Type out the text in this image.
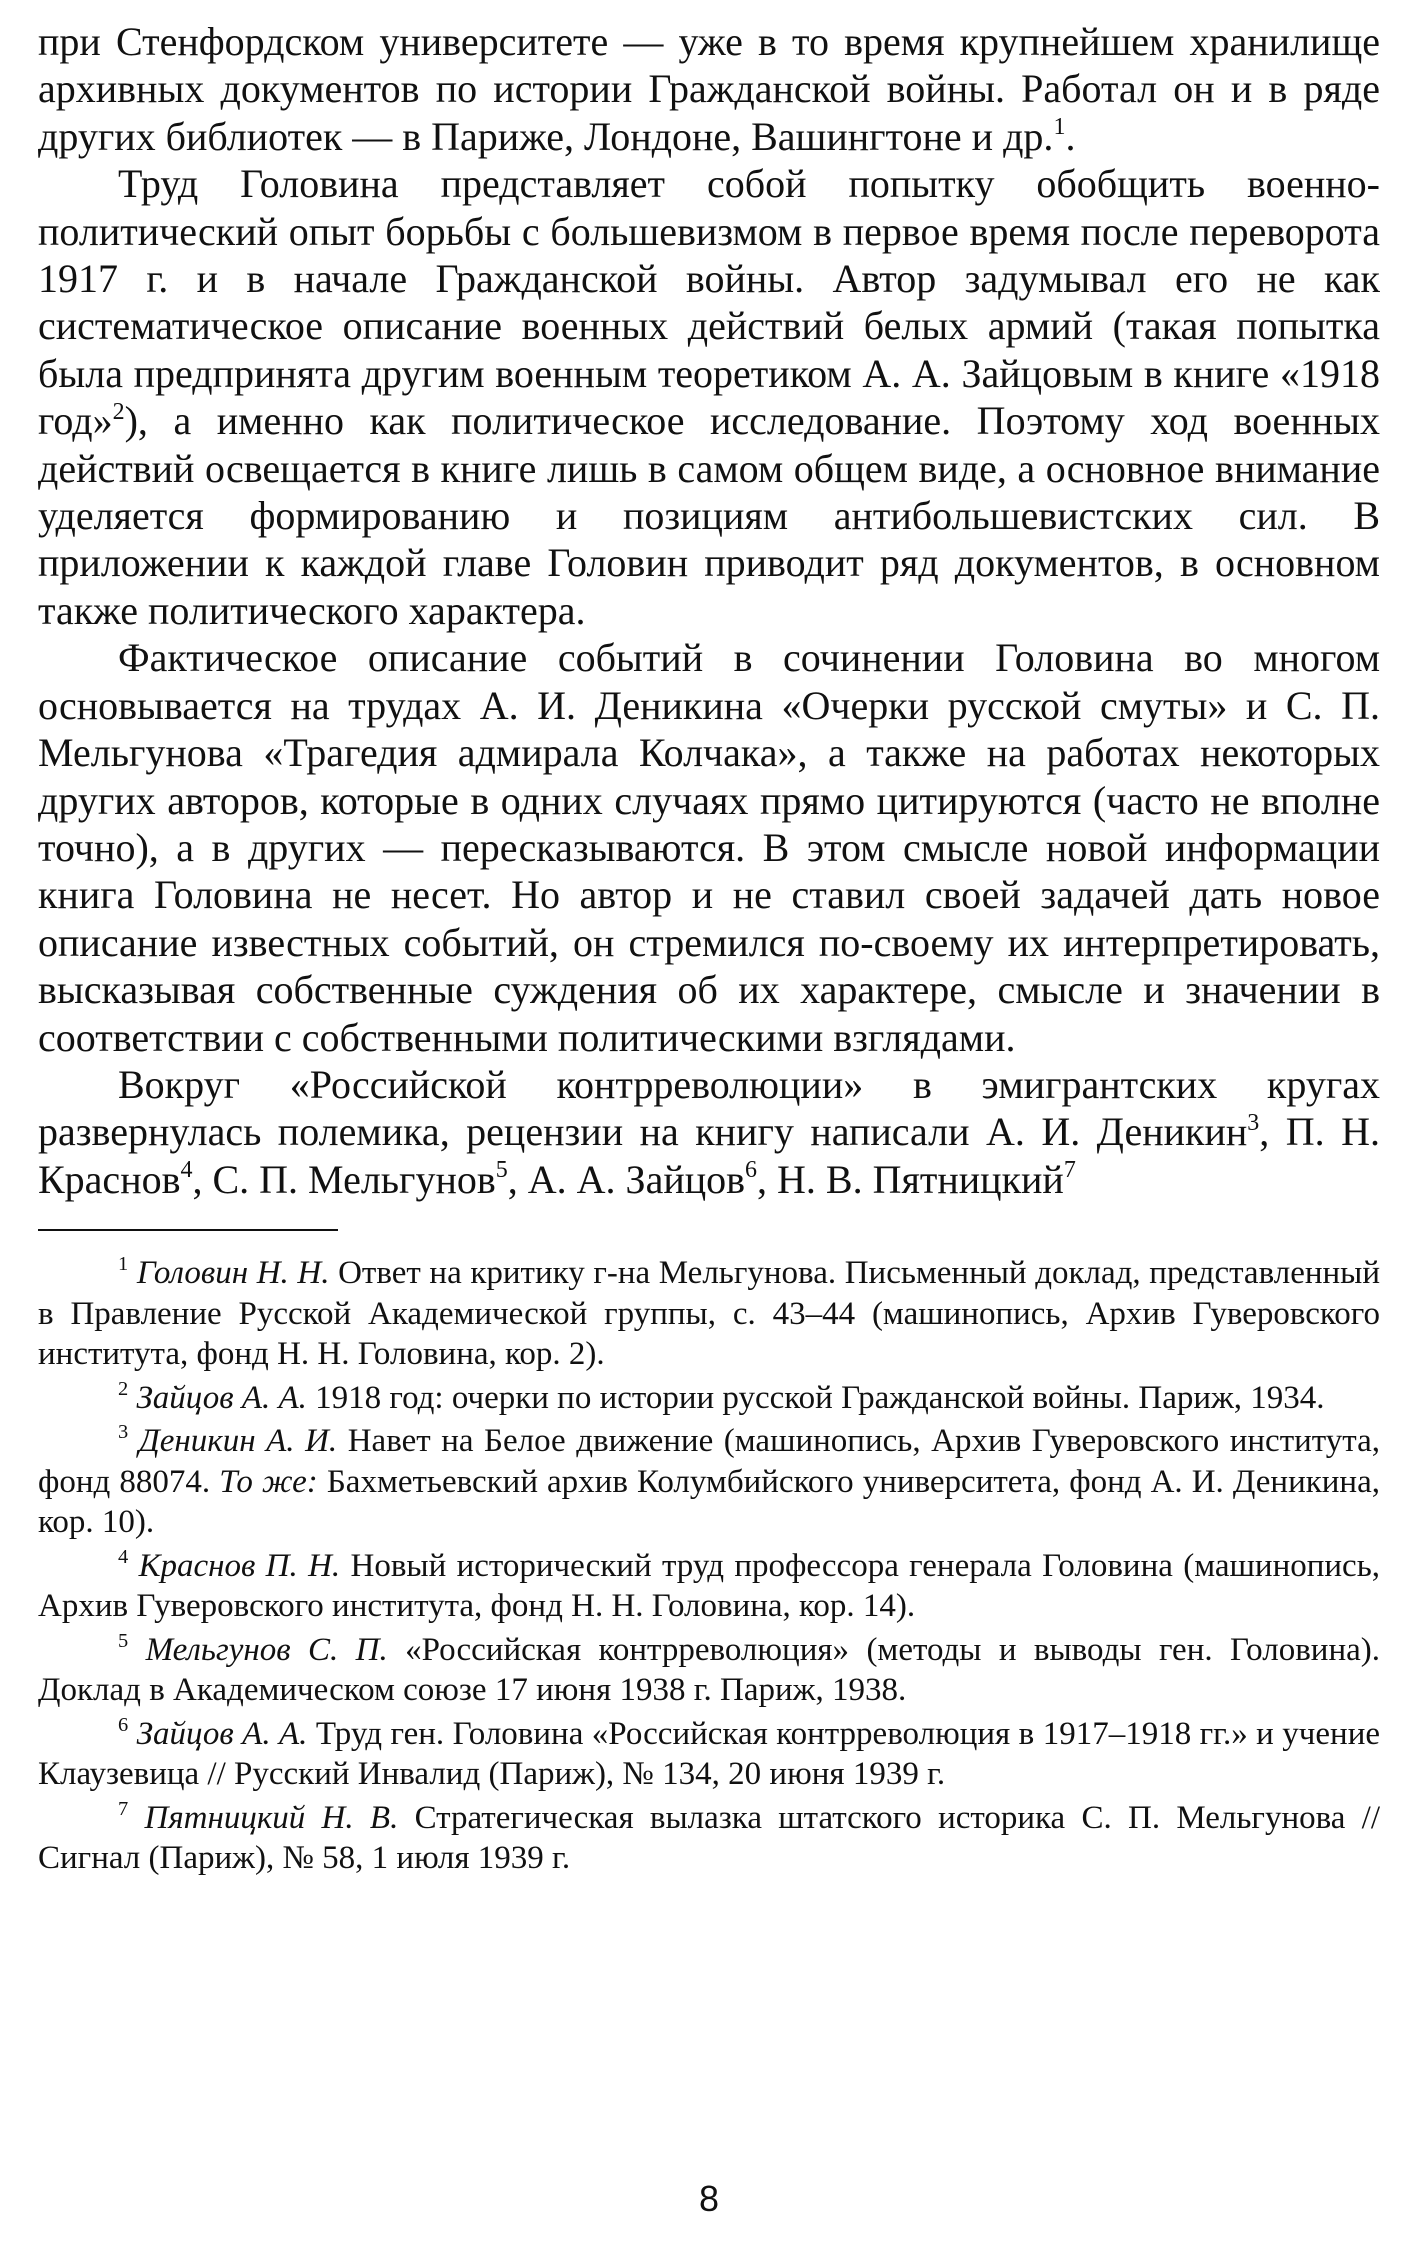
при Стенфордском университете — уже в то время крупнейшем хранилище архивных документов по истории Гражданской войны. Работал он и в ряде других библиотек — в Париже, Лондоне, Вашингтоне и др.$^1$.

Труд Головина представляет собой попытку обобщить военно-политический опыт борьбы с большевизмом в первое время после переворота 1917 г. и в начале Гражданской войны. Автор задумывал его не как систематическое описание военных действий белых армий (такая попытка была предпринята другим военным теоретиком А. А. Зайцовым в книге «1918 год»$^2$), а именно как политическое исследование. Поэтому ход военных действий освещается в книге лишь в самом общем виде, а основное внимание уделяется формированию и позициям антибольшевистских сил. В приложении к каждой главе Головин приводит ряд документов, в основном также политического характера.

Фактическое описание событий в сочинении Головина во многом основывается на трудах А. И. Деникина «Очерки русской смуты» и С. П. Мельгунова «Трагедия адмирала Колчака», а также на работах некоторых других авторов, которые в одних случаях прямо цитируются (часто не вполне точно), а в других — пересказываются. В этом смысле новой информации книга Головина не несет. Но автор и не ставил своей задачей дать новое описание известных событий, он стремился по-своему их интерпретировать, высказывая собственные суждения об их характере, смысле и значении в соответствии с собственными политическими взглядами.

Вокруг «Российской контрреволюции» в эмигрантских кругах развернулась полемика, рецензии на книгу написали А. И. Деникин$^3$, П. Н. Краснов$^4$, С. П. Мельгунов$^5$, А. А. Зайцов$^6$, Н. В. Пятницкий$^7$

$^1$ Головин Н. Н. Ответ на критику г-на Мельгунова. Письменный доклад, представленный в Правление Русской Академической группы, с. 43–44 (машинопись, Архив Гуверовского института, фонд Н. Н. Головина, кор. 2).

$^2$ Зайцов А. А. 1918 год: очерки по истории русской Гражданской войны. Париж, 1934.

$^3$ Деникин А. И. Навет на Белое движение (машинопись, Архив Гуверовского института, фонд 88074. То же: Бахметьевский архив Колумбийского университета, фонд А. И. Деникина, кор. 10).

$^4$ Краснов П. Н. Новый исторический труд профессора генерала Головина (машинопись, Архив Гуверовского института, фонд Н. Н. Головина, кор. 14).

$^5$ Мельгунов С. П. «Российская контрреволюция» (методы и выводы ген. Головина). Доклад в Академическом союзе 17 июня 1938 г. Париж, 1938.

$^6$ Зайцов А. А. Труд ген. Головина «Российская контрреволюция в 1917–1918 гг.» и учение Клаузевица // Русский Инвалид (Париж), № 134, 20 июня 1939 г.

$^7$ Пятницкий Н. В. Стратегическая вылазка штатского историка С. П. Мельгунова // Сигнал (Париж), № 58, 1 июля 1939 г.

8
